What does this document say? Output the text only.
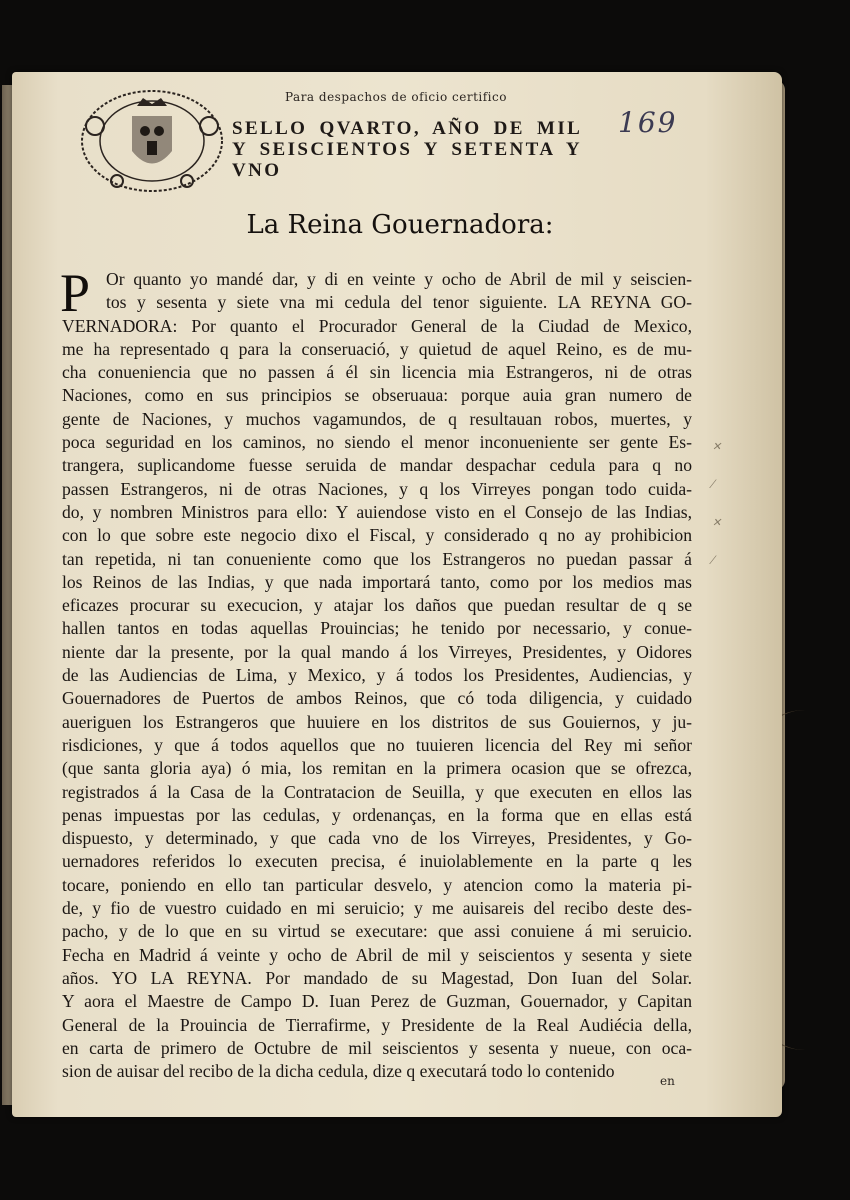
Para despachos de oficio certifico
169
SELLO QVARTO, AÑO DE MIL Y SEISCIENTOS Y SETENTA Y VNO
La Reina Gouernadora:
P Or quanto yo mandé dar, y di en veinte y ocho de Abril de mil y seiscien-
tos y sesenta y siete vna mi cedula del tenor siguiente. LA REYNA GO-
VERNADORA: Por quanto el Procurador General de la Ciudad de Mexico,
me ha representado q para la conseruació, y quietud de aquel Reino, es de mu-
cha conueniencia que no passen á él sin licencia mia Estrangeros, ni de otras
Naciones, como en sus principios se obseruaua: porque auia gran numero de
gente de Naciones, y muchos vagamundos, de q resultauan robos, muertes, y
poca seguridad en los caminos, no siendo el menor inconueniente ser gente Es-
trangera, suplicandome fuesse seruida de mandar despachar cedula para q no
passen Estrangeros, ni de otras Naciones, y q los Virreyes pongan todo cuida-
do, y nombren Ministros para ello: Y auiendose visto en el Consejo de las Indias,
con lo que sobre este negocio dixo el Fiscal, y considerado q no ay prohibicion
tan repetida, ni tan conueniente como que los Estrangeros no puedan passar á
los Reinos de las Indias, y que nada importará tanto, como por los medios mas
eficazes procurar su execucion, y atajar los daños que puedan resultar de q se
hallen tantos en todas aquellas Prouincias; he tenido por necessario, y conue-
niente dar la presente, por la qual mando á los Virreyes, Presidentes, y Oidores
de las Audiencias de Lima, y Mexico, y á todos los Presidentes, Audiencias, y
Gouernadores de Puertos de ambos Reinos, que có toda diligencia, y cuidado
aueriguen los Estrangeros que huuiere en los distritos de sus Gouiernos, y ju-
risdiciones, y que á todos aquellos que no tuuieren licencia del Rey mi señor
(que santa gloria aya) ó mia, los remitan en la primera ocasion que se ofrezca,
registrados á la Casa de la Contratacion de Seuilla, y que executen en ellos las
penas impuestas por las cedulas, y ordenanças, en la forma que en ellas está
dispuesto, y determinado, y que cada vno de los Virreyes, Presidentes, y Go-
uernadores referidos lo executen precisa, é inuiolablemente en la parte q les
tocare, poniendo en ello tan particular desvelo, y atencion como la materia pi-
de, y fio de vuestro cuidado en mi seruicio; y me auisareis del recibo deste des-
pacho, y de lo que en su virtud se executare: que assi conuiene á mi seruicio.
Fecha en Madrid á veinte y ocho de Abril de mil y seiscientos y sesenta y siete
años. YO LA REYNA. Por mandado de su Magestad, Don Iuan del Solar.
Y aora el Maestre de Campo D. Iuan Perez de Guzman, Gouernador, y Capitan
General de la Prouincia de Tierrafirme, y Presidente de la Real Audiécia della,
en carta de primero de Octubre de mil seiscientos y sesenta y nueue, con oca-
sion de auisar del recibo de la dicha cedula, dize q executará todo lo contenido	en
✕
⁄
✕
⁄
